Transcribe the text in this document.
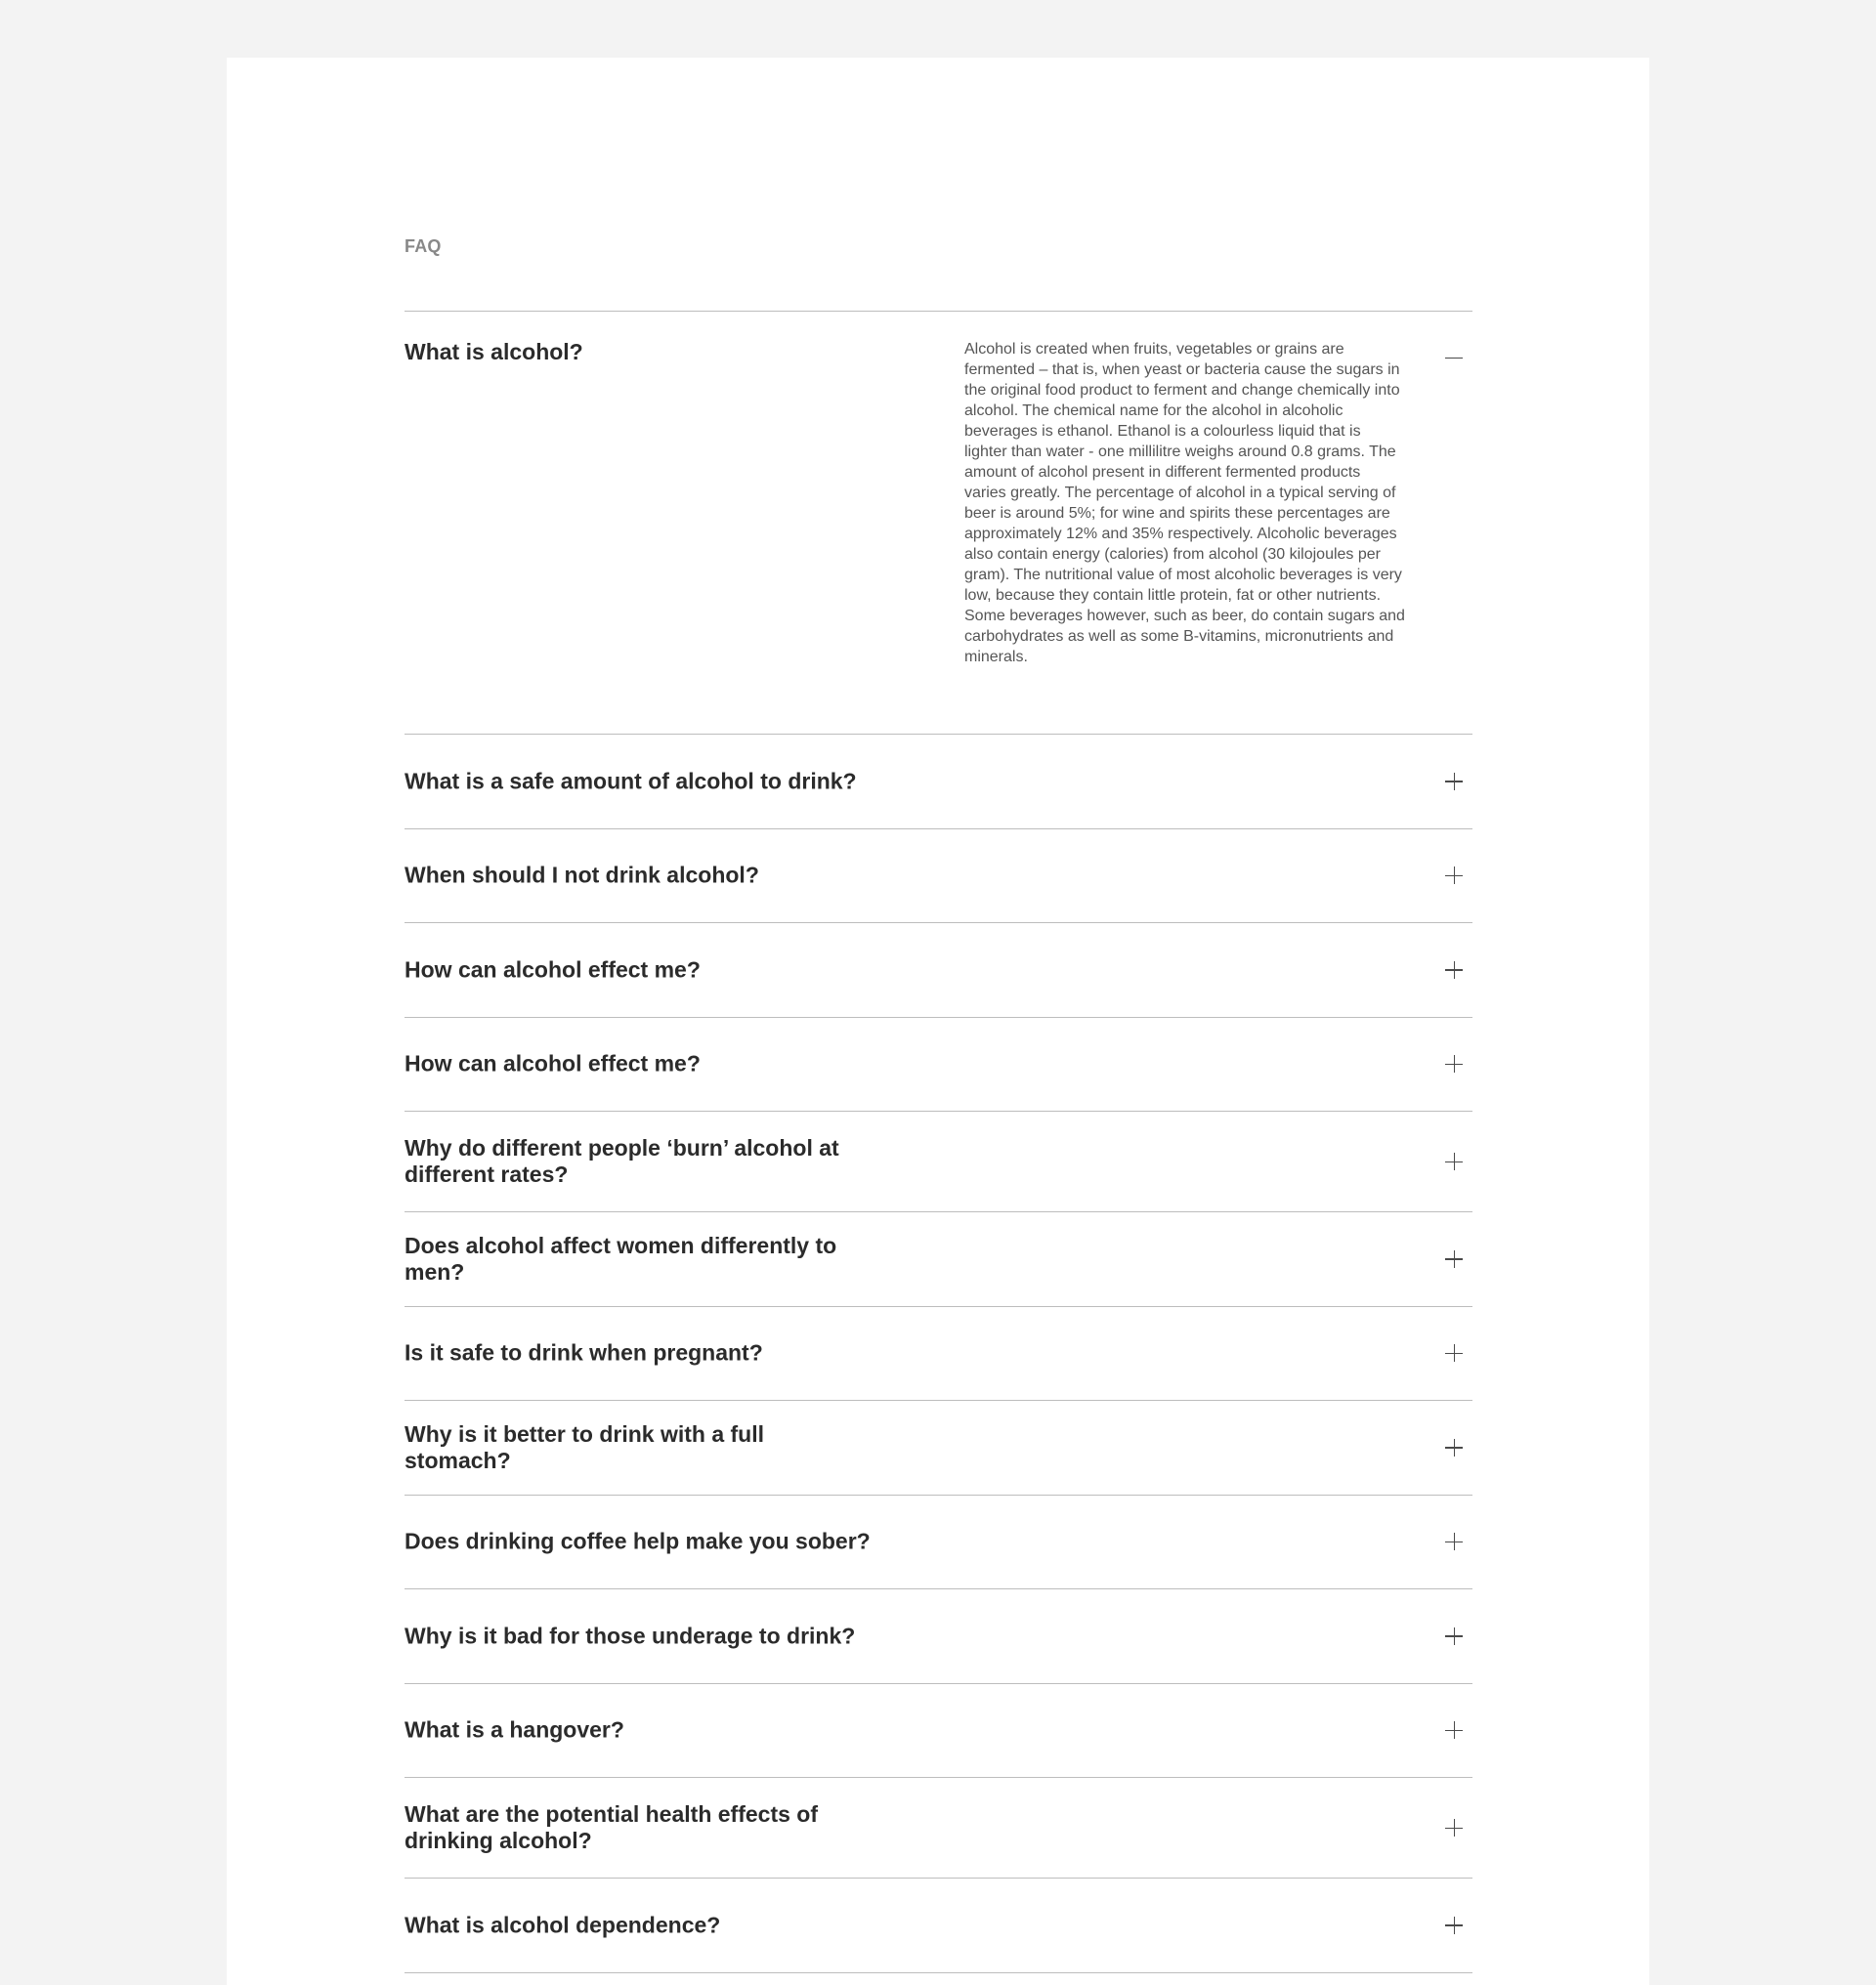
FAQ
What is alcohol?	Alcohol is created when fruits, vegetables or grains are fermented – that is, when yeast or bacteria cause the sugars in the original food product to ferment and change chemically into alcohol. The chemical name for the alcohol in alcoholic beverages is ethanol. Ethanol is a colourless liquid that is lighter than water - one millilitre weighs around 0.8 grams. The amount of alcohol present in different fermented products varies greatly. The percentage of alcohol in a typical serving of beer is around 5%; for wine and spirits these percentages are approximately 12% and 35% respectively. Alcoholic beverages also contain energy (calories) from alcohol (30 kilojoules per gram). The nutritional value of most alcoholic beverages is very low, because they contain little protein, fat or other nutrients. Some beverages however, such as beer, do contain sugars and carbohydrates as well as some B-vitamins, micronutrients and minerals.

What is a safe amount of alcohol to drink?
When should I not drink alcohol?
How can alcohol effect me?
How can alcohol effect me?
Why do different people ‘burn’ alcohol at different rates?
Does alcohol affect women differently to men?
Is it safe to drink when pregnant?
Why is it better to drink with a full stomach?
Does drinking coffee help make you sober?
Why is it bad for those underage to drink?
What is a hangover?
What are the potential health effects of drinking alcohol?
What is alcohol dependence?
